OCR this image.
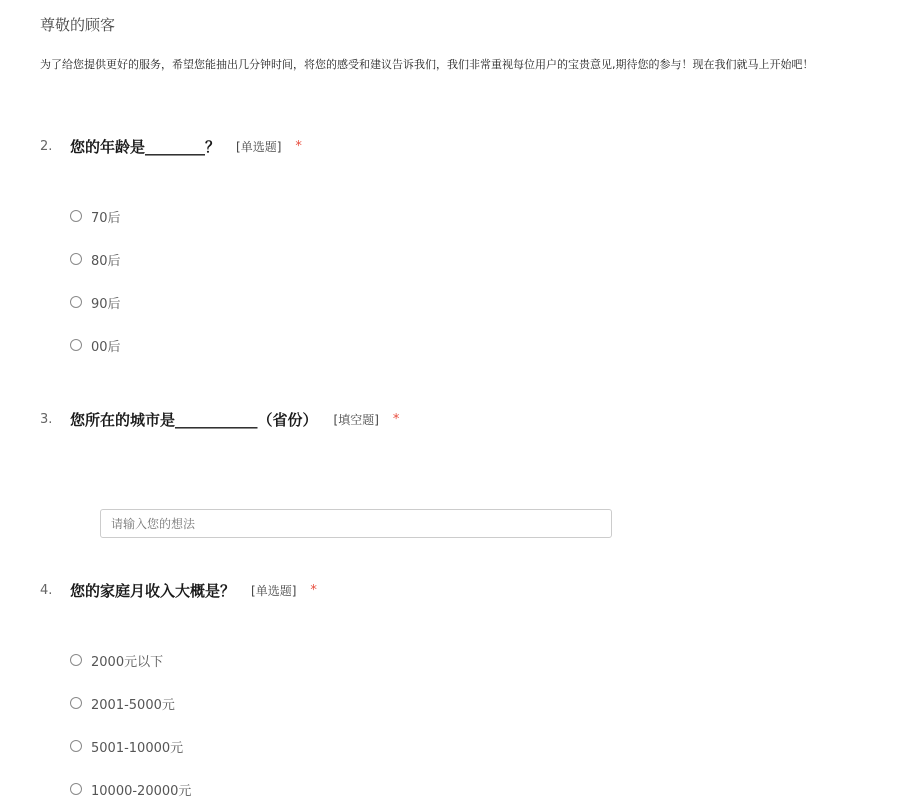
尊敬的顾客
为了给您提供更好的服务，希望您能抽出几分钟时间，将您的感受和建议告诉我们，我们非常重视每位用户的宝贵意见,期待您的参与！现在我们就马上开始吧！
2.	您的年龄是________？ [单选题] *
70后
80后
90后
00后
3.	您所在的城市是___________（省份） [填空题] *
请输入您的想法
4.	您的家庭月收入大概是？ [单选题] *
2000元以下
2001-5000元
5001-10000元
10000-20000元
